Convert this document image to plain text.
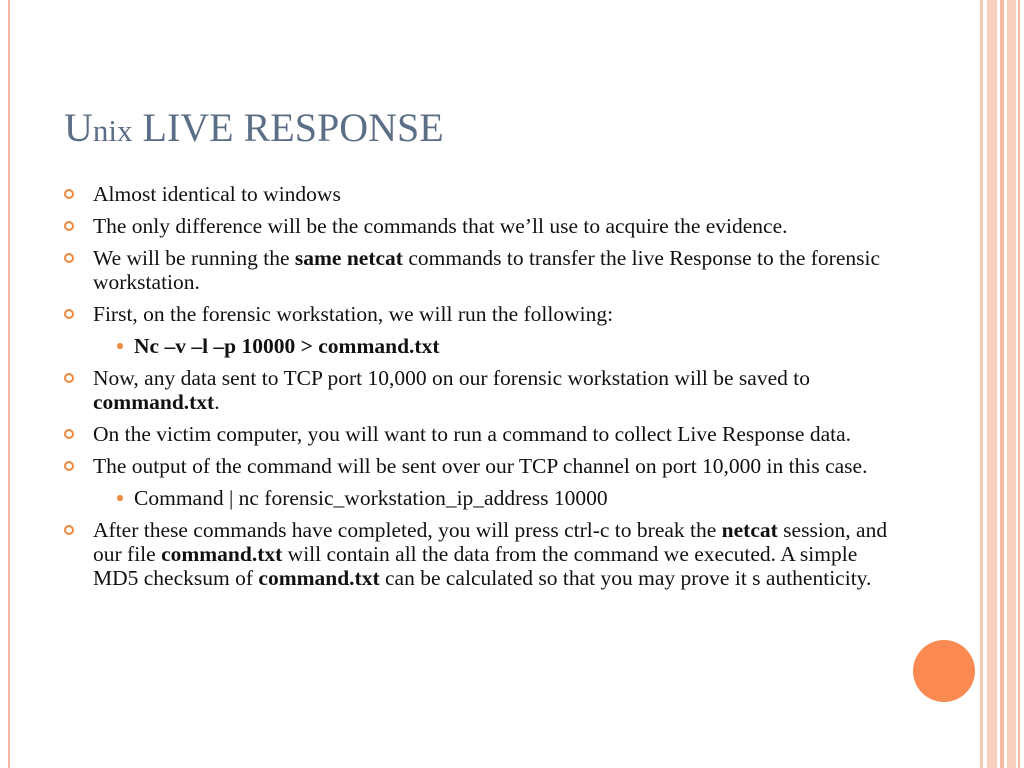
Unix LIVE RESPONSE
Almost identical to windows
The only difference will be the commands that we’ll use to acquire the evidence.
We will be running the same netcat commands to transfer the live Response to the forensic workstation.
First, on the forensic workstation, we will run the following:
Nc –v –l –p 10000 > command.txt
Now, any data sent to TCP port 10,000 on our forensic workstation will be saved to command.txt.
On the victim computer, you will want to run a command to collect Live Response data.
The output of the command will be sent over our TCP channel on port 10,000 in this case.
Command | nc forensic_workstation_ip_address 10000
After these commands have completed, you will press ctrl-c to break the netcat session, and our file command.txt will contain all the data from the command we executed. A simple MD5 checksum of command.txt can be calculated so that you may prove it s authenticity.
